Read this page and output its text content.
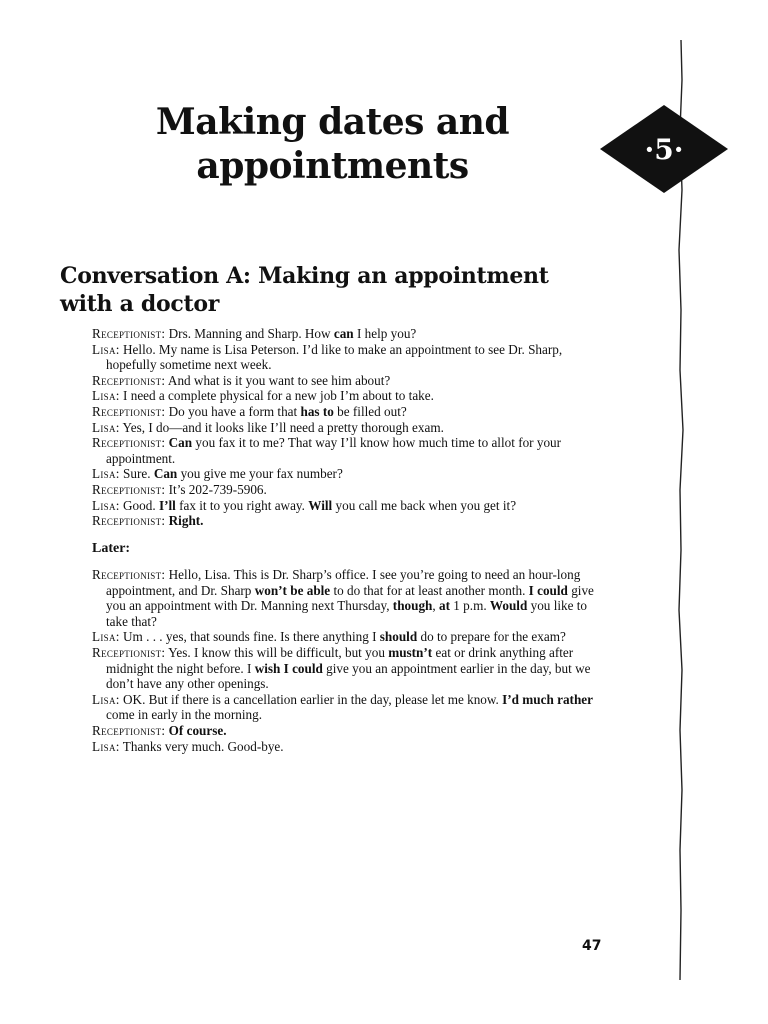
Making dates and appointments	·5·
Conversation A: Making an appointment with a doctor
Receptionist: Drs. Manning and Sharp. How can I help you?
Lisa: Hello. My name is Lisa Peterson. I’d like to make an appointment to see Dr. Sharp, hopefully sometime next week.
Receptionist: And what is it you want to see him about?
Lisa: I need a complete physical for a new job I’m about to take.
Receptionist: Do you have a form that has to be filled out?
Lisa: Yes, I do—and it looks like I’ll need a pretty thorough exam.
Receptionist: Can you fax it to me? That way I’ll know how much time to allot for your appointment.
Lisa: Sure. Can you give me your fax number?
Receptionist: It’s 202-739-5906.
Lisa: Good. I’ll fax it to you right away. Will you call me back when you get it?
Receptionist: Right.

Later:

Receptionist: Hello, Lisa. This is Dr. Sharp’s office. I see you’re going to need an hour-long appointment, and Dr. Sharp won’t be able to do that for at least another month. I could give you an appointment with Dr. Manning next Thursday, though, at 1 p.m. Would you like to take that?
Lisa: Um . . . yes, that sounds fine. Is there anything I should do to prepare for the exam?
Receptionist: Yes. I know this will be difficult, but you mustn’t eat or drink anything after midnight the night before. I wish I could give you an appointment earlier in the day, but we don’t have any other openings.
Lisa: OK. But if there is a cancellation earlier in the day, please let me know. I’d much rather come in early in the morning.
Receptionist: Of course.
Lisa: Thanks very much. Good-bye.
47
